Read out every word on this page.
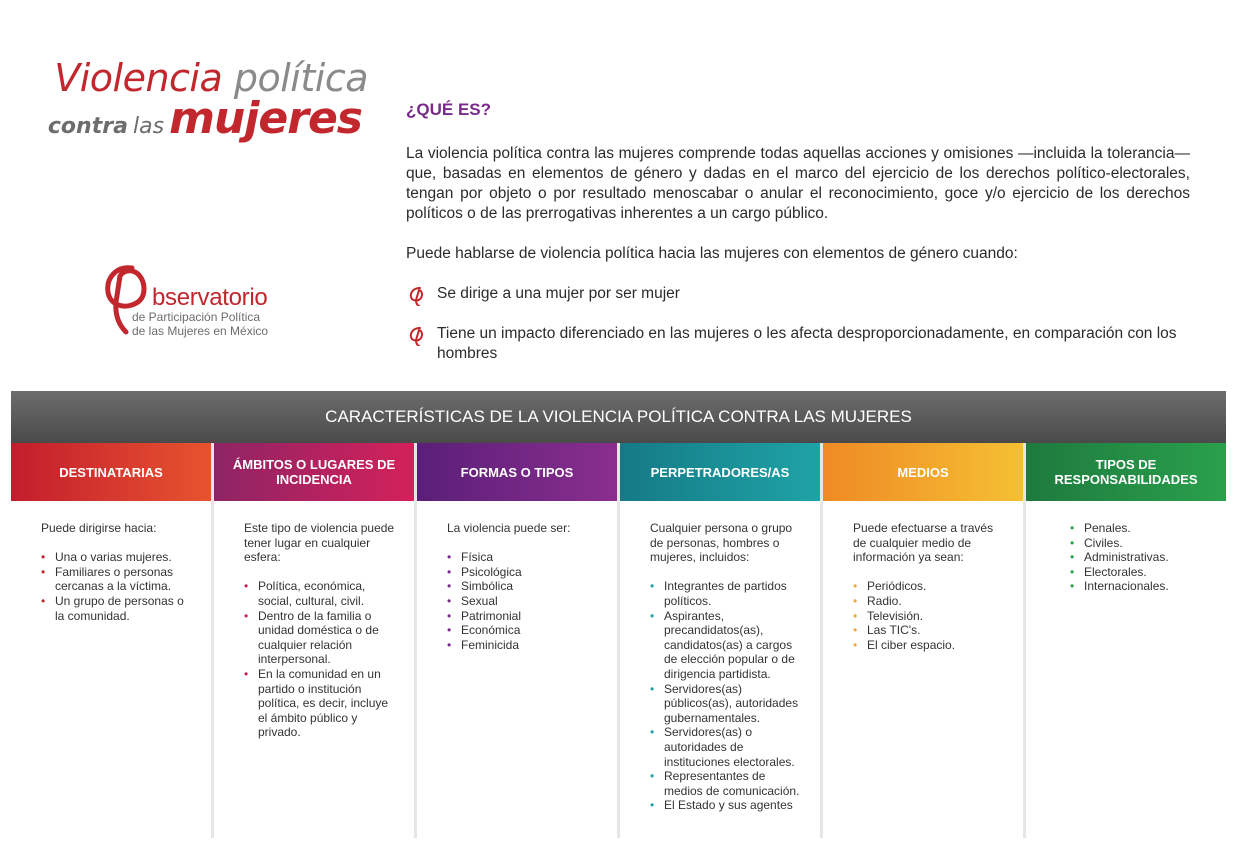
Violencia política
contra las mujeres
bservatorio
de Participación Política
de las Mujeres en México
¿QUÉ ES?

La violencia política contra las mujeres comprende todas aquellas acciones y omisiones —incluida la tolerancia— que, basadas en elementos de género y dadas en el marco del ejercicio de los derechos político-electorales, tengan por objeto o por resultado menoscabar o anular el reconocimiento, goce y/o ejercicio de los derechos políticos o de las prerrogativas inherentes a un cargo público.

Puede hablarse de violencia política hacia las mujeres con elementos de género cuando:

Se dirige a una mujer por ser mujer
Tiene un impacto diferenciado en las mujeres o les afecta desproporcionadamente, en comparación con los hombres
CARACTERÍSTICAS DE LA VIOLENCIA POLÍTICA CONTRA LAS MUJERES
DESTINATARIAS
Puede dirigirse hacia:
• Una o varias mujeres.
• Familiares o personas cercanas a la víctima.
• Un grupo de personas o la comunidad.
ÁMBITOS O LUGARES DE INCIDENCIA
Este tipo de violencia puede tener lugar en cualquier esfera:
• Política, económica, social, cultural, civil.
• Dentro de la familia o unidad doméstica o de cualquier relación interpersonal.
• En la comunidad en un partido o institución política, es decir, incluye el ámbito público y privado.
FORMAS O TIPOS
La violencia puede ser:
• Física
• Psicológica
• Simbólica
• Sexual
• Patrimonial
• Económica
• Feminicida
PERPETRADORES/AS
Cualquier persona o grupo de personas, hombres o mujeres, incluidos:
• Integrantes de partidos políticos.
• Aspirantes, precandidatos(as), candidatos(as) a cargos de elección popular o de dirigencia partidista.
• Servidores(as) públicos(as), autoridades gubernamentales.
• Servidores(as) o autoridades de instituciones electorales.
• Representantes de medios de comunicación.
• El Estado y sus agentes
MEDIOS
Puede efectuarse a través de cualquier medio de información ya sean:
• Periódicos.
• Radio.
• Televisión.
• Las TIC's.
• El ciber espacio.
TIPOS DE RESPONSABILIDADES
• Penales.
• Civiles.
• Administrativas.
• Electorales.
• Internacionales.
